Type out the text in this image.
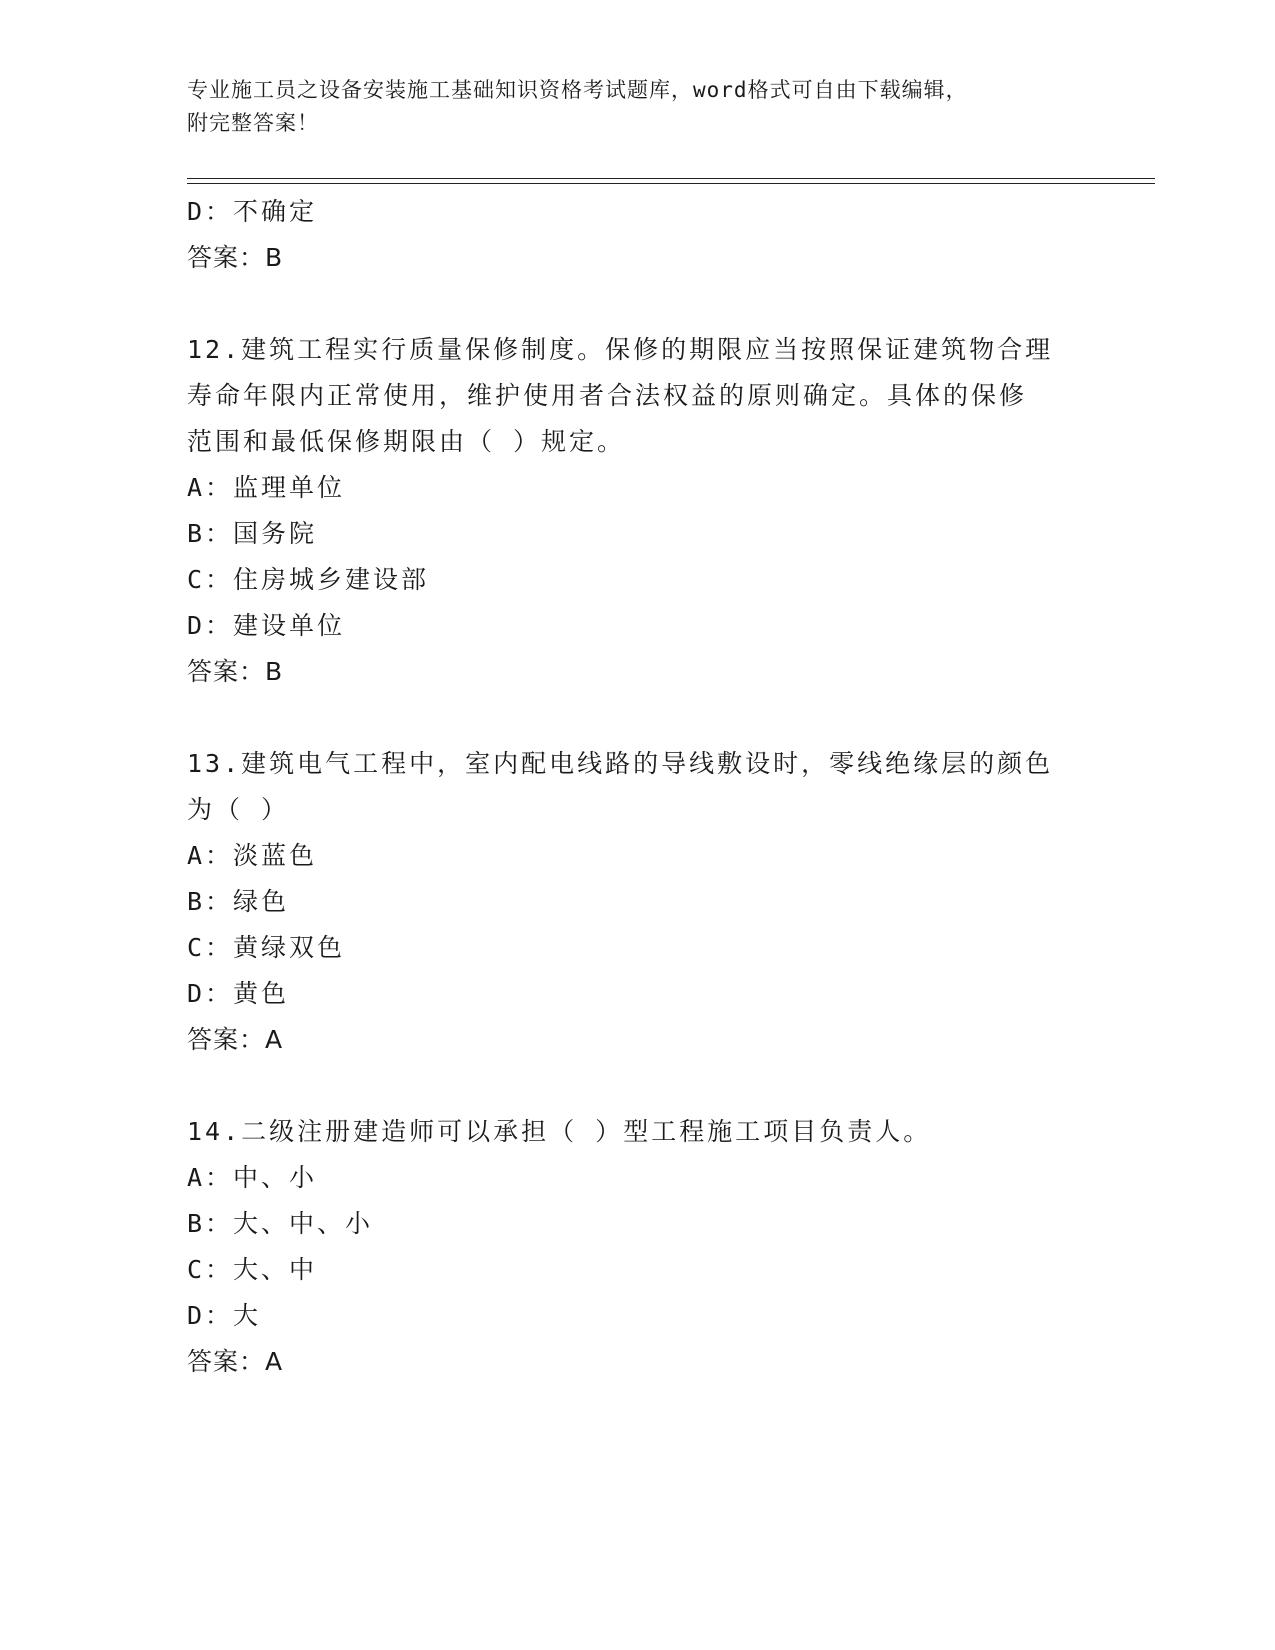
专业施工员之设备安装施工基础知识资格考试题库，word格式可自由下载编辑，
附完整答案！
D：不确定
答案：B
12.建筑工程实行质量保修制度。保修的期限应当按照保证建筑物合理
寿命年限内正常使用，维护使用者合法权益的原则确定。具体的保修
范围和最低保修期限由（ ）规定。
A：监理单位
B：国务院
C：住房城乡建设部
D：建设单位
答案：B
13.建筑电气工程中，室内配电线路的导线敷设时，零线绝缘层的颜色
为（ ）
A：淡蓝色
B：绿色
C：黄绿双色
D：黄色
答案：A
14.二级注册建造师可以承担（ ）型工程施工项目负责人。
A：中、小
B：大、中、小
C：大、中
D：大
答案：A
